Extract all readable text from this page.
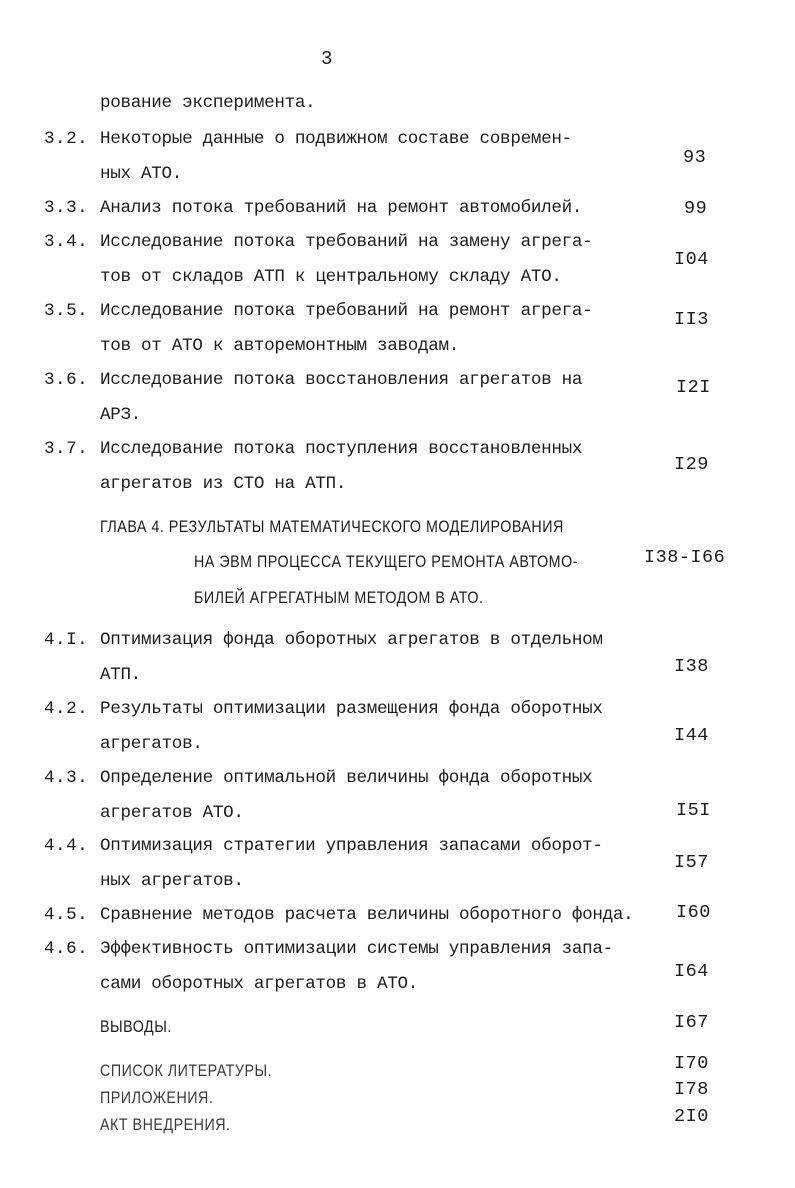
3
рование эксперимента.
3.2. Некоторые данные о подвижном составе современ-
ных АТО.
93
3.3. Анализ потока требований на ремонт автомобилей.	99
3.4. Исследование потока требований на замену агрега-
тов от складов АТП к центральному складу АТО.
I04
3.5. Исследование потока требований на ремонт агрега-
тов от АТО к авторемонтным заводам.
II3
3.6. Исследование потока восстановления агрегатов на
АРЗ.
I2I
3.7. Исследование потока поступления восстановленных
агрегатов из СТО на АТП.
I29
ГЛАВА 4. РЕЗУЛЬТАТЫ МАТЕМАТИЧЕСКОГО МОДЕЛИРОВАНИЯ
НА ЭВМ ПРОЦЕССА ТЕКУЩЕГО РЕМОНТА АВТОМО-
БИЛЕЙ АГРЕГАТНЫМ МЕТОДОМ В АТО.
I38-I66
4.I. Оптимизация фонда оборотных агрегатов в отдельном
АТП.	I38
4.2. Результаты оптимизации размещения фонда оборотных
агрегатов.	I44
4.3. Определение оптимальной величины фонда оборотных
агрегатов АТО.	I5I
4.4. Оптимизация стратегии управления запасами оборот-
ных агрегатов.
I57
4.5. Сравнение методов расчета величины оборотного фонда. I60
4.6. Эффективность оптимизации системы управления запа-
сами оборотных агрегатов в АТО.
I64
ВЫВОДЫ.	I67
СПИСОК ЛИТЕРАТУРЫ.	I70
ПРИЛОЖЕНИЯ.	I78
АКТ ВНЕДРЕНИЯ.	2I0
